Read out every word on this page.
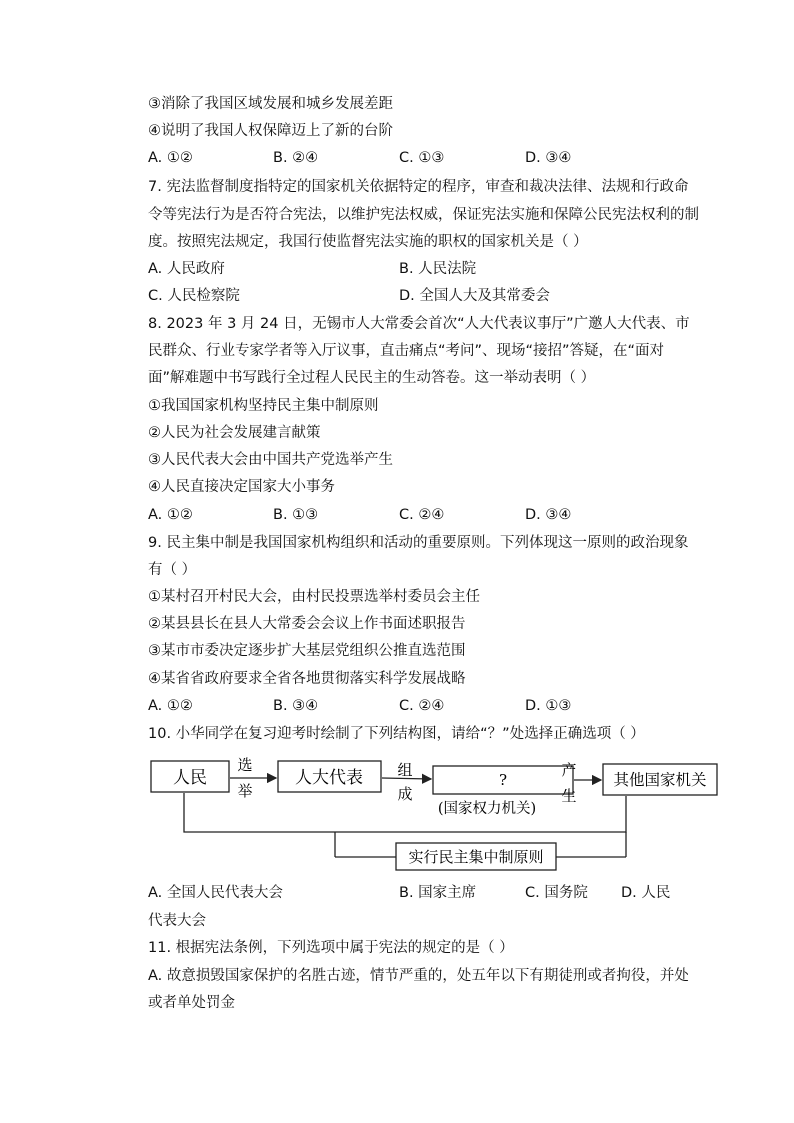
③消除了我国区域发展和城乡发展差距
④说明了我国人权保障迈上了新的台阶
A. ①②	B. ②④	C. ①③	D. ③④
7. 宪法监督制度指特定的国家机关依据特定的程序，审查和裁决法律、法规和行政命
令等宪法行为是否符合宪法，以维护宪法权威，保证宪法实施和保障公民宪法权利的制
度。按照宪法规定，我国行使监督宪法实施的职权的国家机关是（ ）
A. 人民政府	B. 人民法院
C. 人民检察院	D. 全国人大及其常委会
8. 2023 年 3 月 24 日，无锡市人大常委会首次“人大代表议事厅”广邀人大代表、市
民群众、行业专家学者等入厅议事，直击痛点“考问”、现场“接招”答疑，在“面对
面”解难题中书写践行全过程人民民主的生动答卷。这一举动表明（ ）
①我国国家机构坚持民主集中制原则
②人民为社会发展建言献策
③人民代表大会由中国共产党选举产生
④人民直接决定国家大小事务
A. ①②	B. ①③	C. ②④	D. ③④
9. 民主集中制是我国国家机构组织和活动的重要原则。下列体现这一原则的政治现象
有（ ）
①某村召开村民大会，由村民投票选举村委员会主任
②某县县长在县人大常委会会议上作书面述职报告
③某市市委决定逐步扩大基层党组织公推直选范围
④某省省政府要求全省各地贯彻落实科学发展战略
A. ①②	B. ③④	C. ②④	D. ①③
10. 小华同学在复习迎考时绘制了下列结构图，请给“？”处选择正确选项（ ）
人民
选
举
人大代表 组
成
?
(国家权力机关)
产
生
其他国家机关
实行民主集中制原则
A. 全国人民代表大会	B. 国家主席	C. 国务院 D. 人民
代表大会
11. 根据宪法条例，下列选项中属于宪法的规定的是（ ）
A. 故意损毁国家保护的名胜古迹，情节严重的，处五年以下有期徒刑或者拘役，并处
或者单处罚金
